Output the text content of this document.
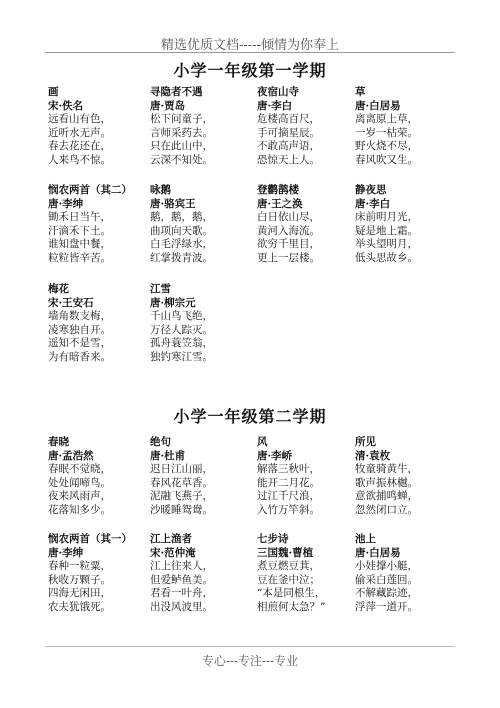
精选优质文档-----倾情为你奉上
小学一年级第一学期
画
宋·佚名
远看山有色，
近听水无声。
春去花还在，
人来鸟不惊。
寻隐者不遇
唐·贾岛
松下问童子，
言师采药去。
只在此山中，
云深不知处。
夜宿山寺
唐·李白
危楼高百尺，
手可摘星辰。
不敢高声语，
恐惊天上人。
草
唐·白居易
离离原上草，
一岁一枯荣。
野火烧不尽，
春风吹又生。
悯农两首（其二）
唐·李绅
锄禾日当午，
汗滴禾下土。
谁知盘中餐，
粒粒皆辛苦。
咏鹅
唐·骆宾王
鹅，鹅，鹅，
曲项向天歌。
白毛浮绿水，
红掌拨青波。
登鹳鹊楼
唐·王之涣
白日依山尽，
黄河入海流。
欲穷千里目，
更上一层楼。
静夜思
唐·李白
床前明月光，
疑是地上霜。
举头望明月，
低头思故乡。
梅花
宋·王安石
墙角数支梅，
凌寒独自开。
遥知不是雪，
为有暗香来。
江雪
唐·柳宗元
千山鸟飞绝，
万径人踪灭。
孤舟蓑笠翁，
独钓寒江雪。
小学一年级第二学期
春晓
唐·孟浩然
春眠不觉晓，
处处闻啼鸟。
夜来风雨声，
花落知多少。
绝句
唐·杜甫
迟日江山丽，
春风花草香。
泥融飞燕子，
沙暖睡鸳鸯。
风
唐·李峤
解落三秋叶，
能开二月花。
过江千尺浪，
入竹万竿斜。
所见
清·袁枚
牧童骑黄牛，
歌声振林樾。
意欲捕鸣蝉，
忽然闭口立。
悯农两首（其一）
唐·李绅
春种一粒粟，
秋收万颗子。
四海无闲田，
农夫犹饿死。
江上渔者
宋·范仲淹
江上往来人，
但爱鲈鱼美。
君看一叶舟，
出没风波里。
七步诗
三国魏·曹植
煮豆燃豆萁，
豆在釜中泣；
“本是同根生，
相煎何太急？”
池上
唐·白居易
小娃撑小艇，
偷采白莲回。
不解藏踪迹，
浮萍一道开。
专心---专注---专业
